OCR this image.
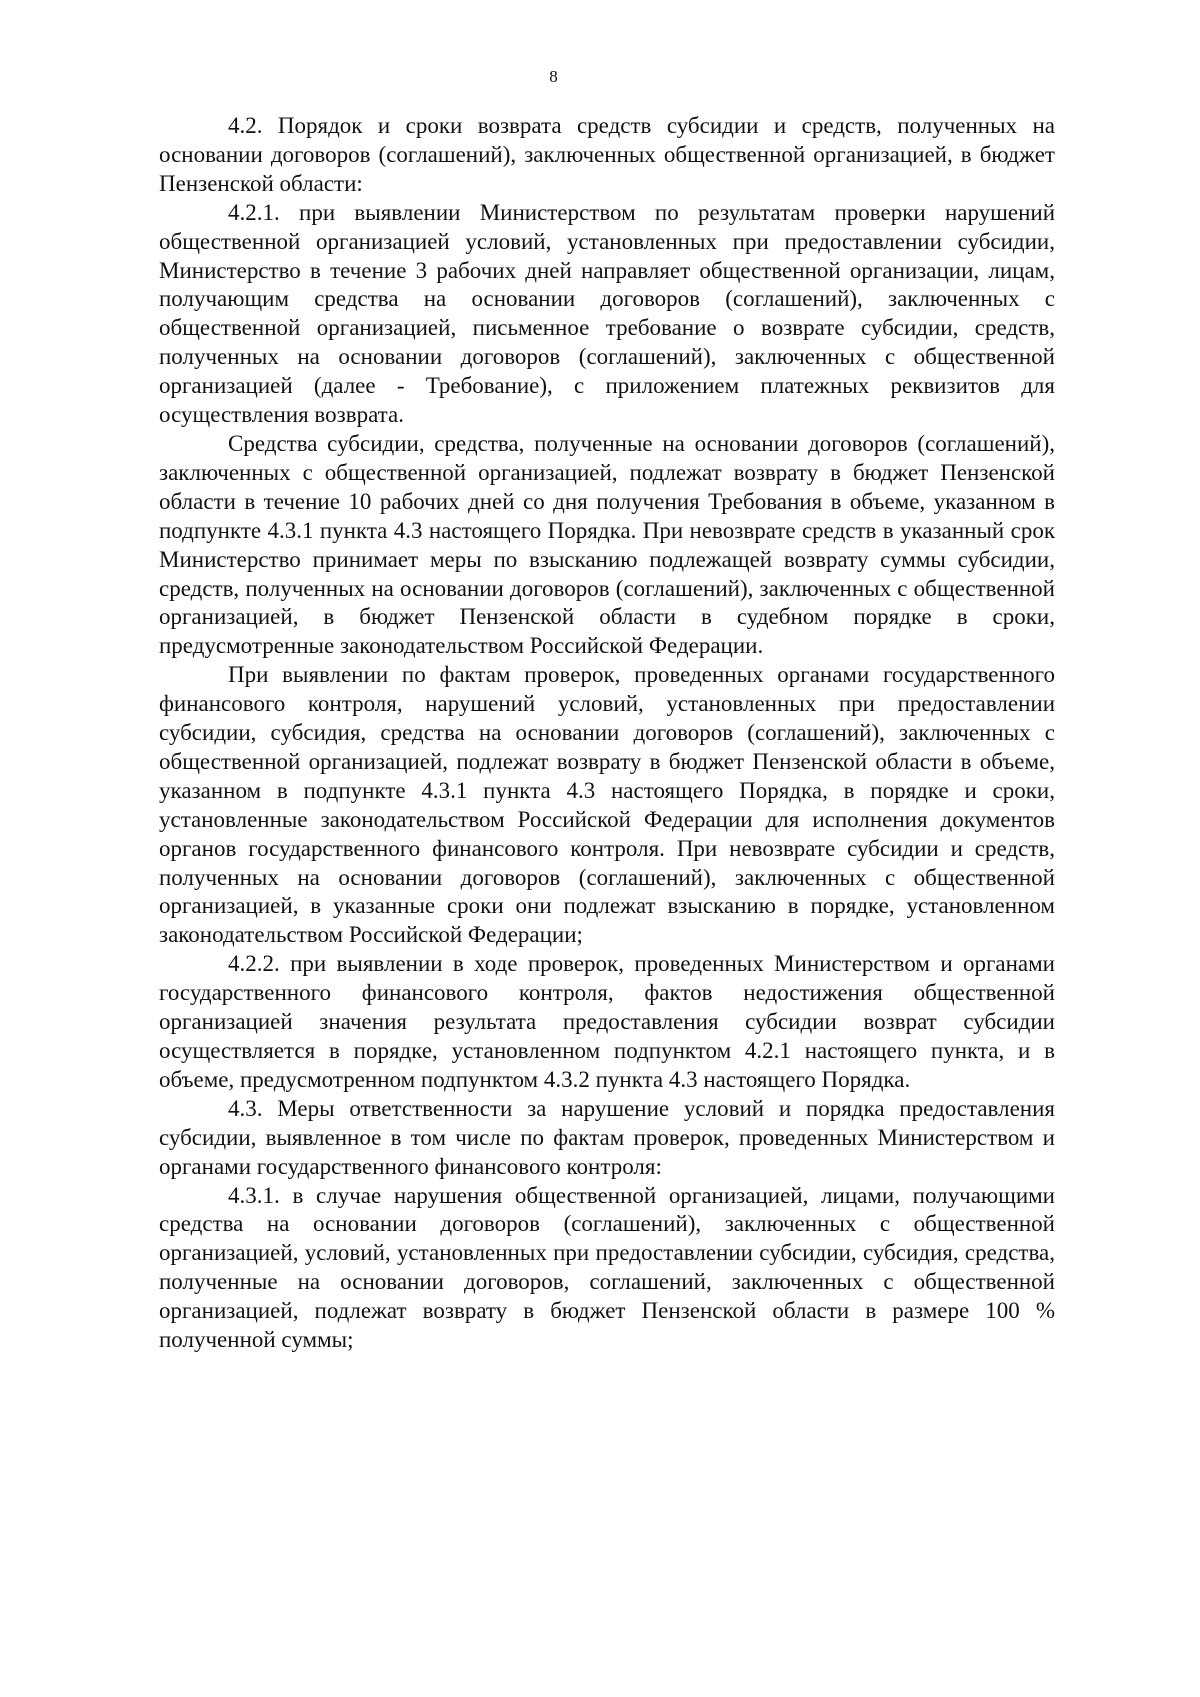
8

4.2. Порядок и сроки возврата средств субсидии и средств, полученных на основании договоров (соглашений), заключенных общественной организацией, в бюджет Пензенской области:

4.2.1. при выявлении Министерством по результатам проверки нарушений общественной организацией условий, установленных при предоставлении субсидии, Министерство в течение 3 рабочих дней направляет общественной организации, лицам, получающим средства на основании договоров (соглашений), заключенных с общественной организацией, письменное требование о возврате субсидии, средств, полученных на основании договоров (соглашений), заключенных с общественной организацией (далее - Требование), с приложением платежных реквизитов для осуществления возврата.

Средства субсидии, средства, полученные на основании договоров (соглашений), заключенных с общественной организацией, подлежат возврату в бюджет Пензенской области в течение 10 рабочих дней со дня получения Требования в объеме, указанном в подпункте 4.3.1 пункта 4.3 настоящего Порядка. При невозврате средств в указанный срок Министерство принимает меры по взысканию подлежащей возврату суммы субсидии, средств, полученных на основании договоров (соглашений), заключенных с общественной организацией, в бюджет Пензенской области в судебном порядке в сроки, предусмотренные законодательством Российской Федерации.

При выявлении по фактам проверок, проведенных органами государственного финансового контроля, нарушений условий, установленных при предоставлении субсидии, субсидия, средства на основании договоров (соглашений), заключенных с общественной организацией, подлежат возврату в бюджет Пензенской области в объеме, указанном в подпункте 4.3.1 пункта 4.3 настоящего Порядка, в порядке и сроки, установленные законодательством Российской Федерации для исполнения документов органов государственного финансового контроля. При невозврате субсидии и средств, полученных на основании договоров (соглашений), заключенных с общественной организацией, в указанные сроки они подлежат взысканию в порядке, установленном законодательством Российской Федерации;

4.2.2. при выявлении в ходе проверок, проведенных Министерством и органами государственного финансового контроля, фактов недостижения общественной организацией значения результата предоставления субсидии возврат субсидии осуществляется в порядке, установленном подпунктом 4.2.1 настоящего пункта, и в объеме, предусмотренном подпунктом 4.3.2 пункта 4.3 настоящего Порядка.

4.3. Меры ответственности за нарушение условий и порядка предоставления субсидии, выявленное в том числе по фактам проверок, проведенных Министерством и органами государственного финансового контроля:

4.3.1. в случае нарушения общественной организацией, лицами, получающими средства на основании договоров (соглашений), заключенных с общественной организацией, условий, установленных при предоставлении субсидии, субсидия, средства, полученные на основании договоров, соглашений, заключенных с общественной организацией, подлежат возврату в бюджет Пензенской области в размере 100 % полученной суммы;
